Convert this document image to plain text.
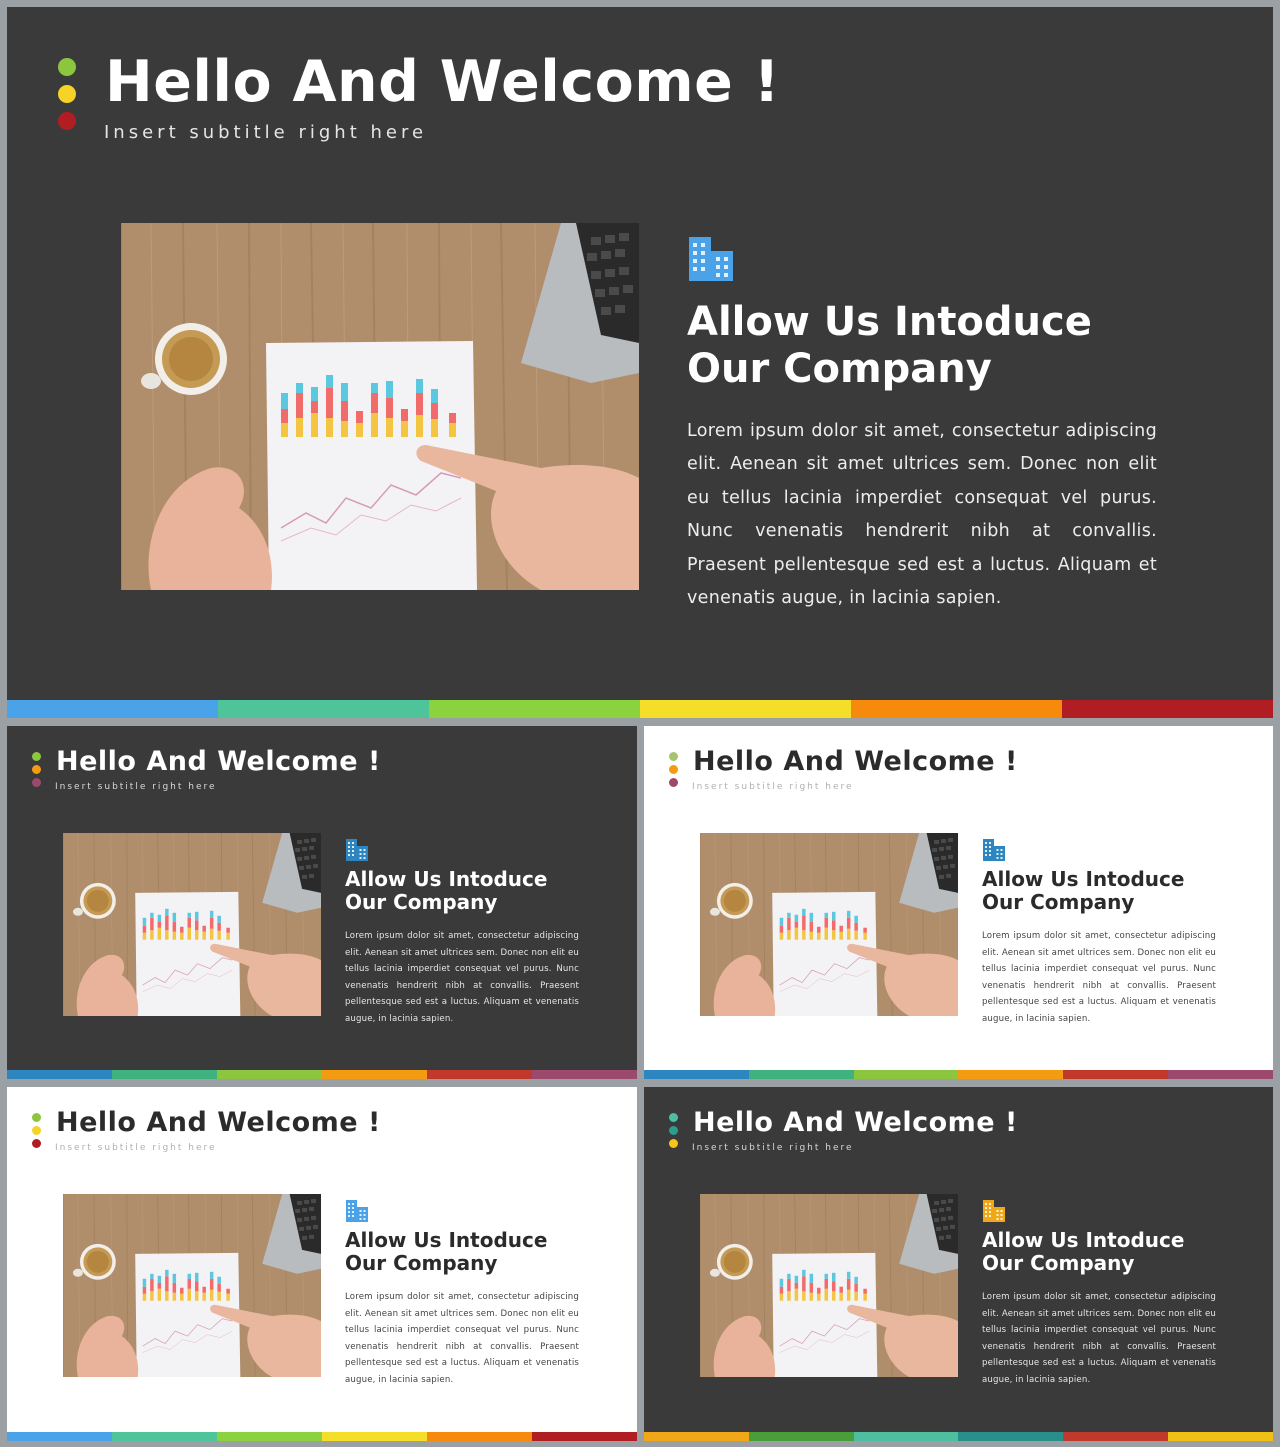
Hello And Welcome !
Insert subtitle right here
Allow Us Intoduce
Our Company
Lorem ipsum dolor sit amet, consectetur adipiscing elit. Aenean sit amet ultrices sem. Donec non elit eu tellus lacinia imperdiet consequat vel purus. Nunc venenatis hendrerit nibh at convallis. Praesent pellentesque sed est a luctus. Aliquam et venenatis augue, in lacinia sapien.
Hello And Welcome !
Insert subtitle right here
Allow Us Intoduce
Our Company
Lorem ipsum dolor sit amet, consectetur adipiscing elit. Aenean sit amet ultrices sem. Donec non elit eu tellus lacinia imperdiet consequat vel purus. Nunc venenatis hendrerit nibh at convallis. Praesent pellentesque sed est a luctus. Aliquam et venenatis augue, in lacinia sapien.
Hello And Welcome !
Insert subtitle right here
Allow Us Intoduce
Our Company
Lorem ipsum dolor sit amet, consectetur adipiscing elit. Aenean sit amet ultrices sem. Donec non elit eu tellus lacinia imperdiet consequat vel purus. Nunc venenatis hendrerit nibh at convallis. Praesent pellentesque sed est a luctus. Aliquam et venenatis augue, in lacinia sapien.
Hello And Welcome !
Insert subtitle right here
Allow Us Intoduce
Our Company
Lorem ipsum dolor sit amet, consectetur adipiscing elit. Aenean sit amet ultrices sem. Donec non elit eu tellus lacinia imperdiet consequat vel purus. Nunc venenatis hendrerit nibh at convallis. Praesent pellentesque sed est a luctus. Aliquam et venenatis augue, in lacinia sapien.
Hello And Welcome !
Insert subtitle right here
Allow Us Intoduce
Our Company
Lorem ipsum dolor sit amet, consectetur adipiscing elit. Aenean sit amet ultrices sem. Donec non elit eu tellus lacinia imperdiet consequat vel purus. Nunc venenatis hendrerit nibh at convallis. Praesent pellentesque sed est a luctus. Aliquam et venenatis augue, in lacinia sapien.
